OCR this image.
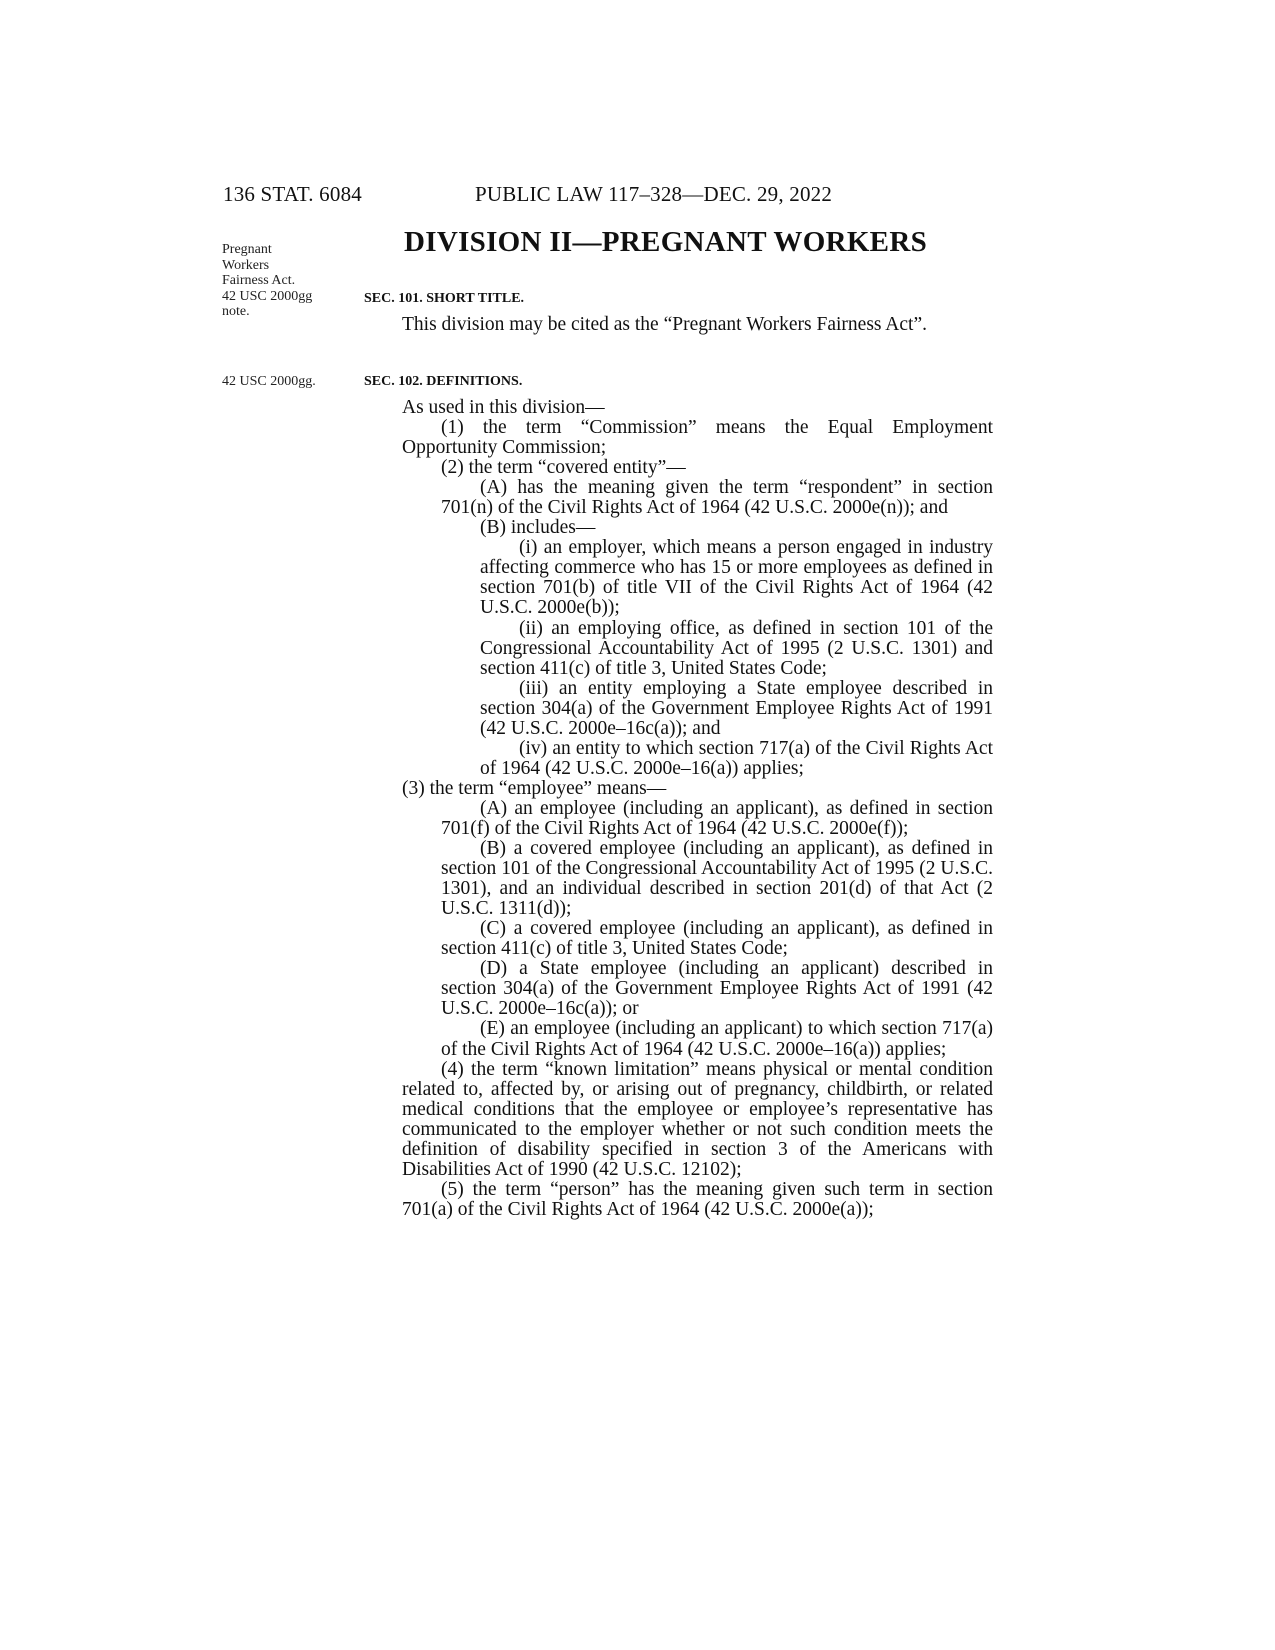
136 STAT. 6084	PUBLIC LAW 117–328—DEC. 29, 2022
Pregnant
Workers
Fairness Act.
42 USC 2000gg
note.
42 USC 2000gg.
DIVISION II—PREGNANT WORKERS
SEC. 101. SHORT TITLE.

This division may be cited as the “Pregnant Workers Fairness Act”.

SEC. 102. DEFINITIONS.

As used in this division—

(1) the term “Commission” means the Equal Employment Opportunity Commission;

(2) the term “covered entity”—

(A) has the meaning given the term “respondent” in section 701(n) of the Civil Rights Act of 1964 (42 U.S.C. 2000e(n)); and

(B) includes—

(i) an employer, which means a person engaged in industry affecting commerce who has 15 or more employees as defined in section 701(b) of title VII of the Civil Rights Act of 1964 (42 U.S.C. 2000e(b));

(ii) an employing office, as defined in section 101 of the Congressional Accountability Act of 1995 (2 U.S.C. 1301) and section 411(c) of title 3, United States Code;

(iii) an entity employing a State employee described in section 304(a) of the Government Employee Rights Act of 1991 (42 U.S.C. 2000e–16c(a)); and

(iv) an entity to which section 717(a) of the Civil Rights Act of 1964 (42 U.S.C. 2000e–16(a)) applies;

(3) the term “employee” means—

(A) an employee (including an applicant), as defined in section 701(f) of the Civil Rights Act of 1964 (42 U.S.C. 2000e(f));

(B) a covered employee (including an applicant), as defined in section 101 of the Congressional Accountability Act of 1995 (2 U.S.C. 1301), and an individual described in section 201(d) of that Act (2 U.S.C. 1311(d));

(C) a covered employee (including an applicant), as defined in section 411(c) of title 3, United States Code;

(D) a State employee (including an applicant) described in section 304(a) of the Government Employee Rights Act of 1991 (42 U.S.C. 2000e–16c(a)); or

(E) an employee (including an applicant) to which section 717(a) of the Civil Rights Act of 1964 (42 U.S.C. 2000e–16(a)) applies;

(4) the term “known limitation” means physical or mental condition related to, affected by, or arising out of pregnancy, childbirth, or related medical conditions that the employee or employee’s representative has communicated to the employer whether or not such condition meets the definition of disability specified in section 3 of the Americans with Disabilities Act of 1990 (42 U.S.C. 12102);

(5) the term “person” has the meaning given such term in section 701(a) of the Civil Rights Act of 1964 (42 U.S.C. 2000e(a));
